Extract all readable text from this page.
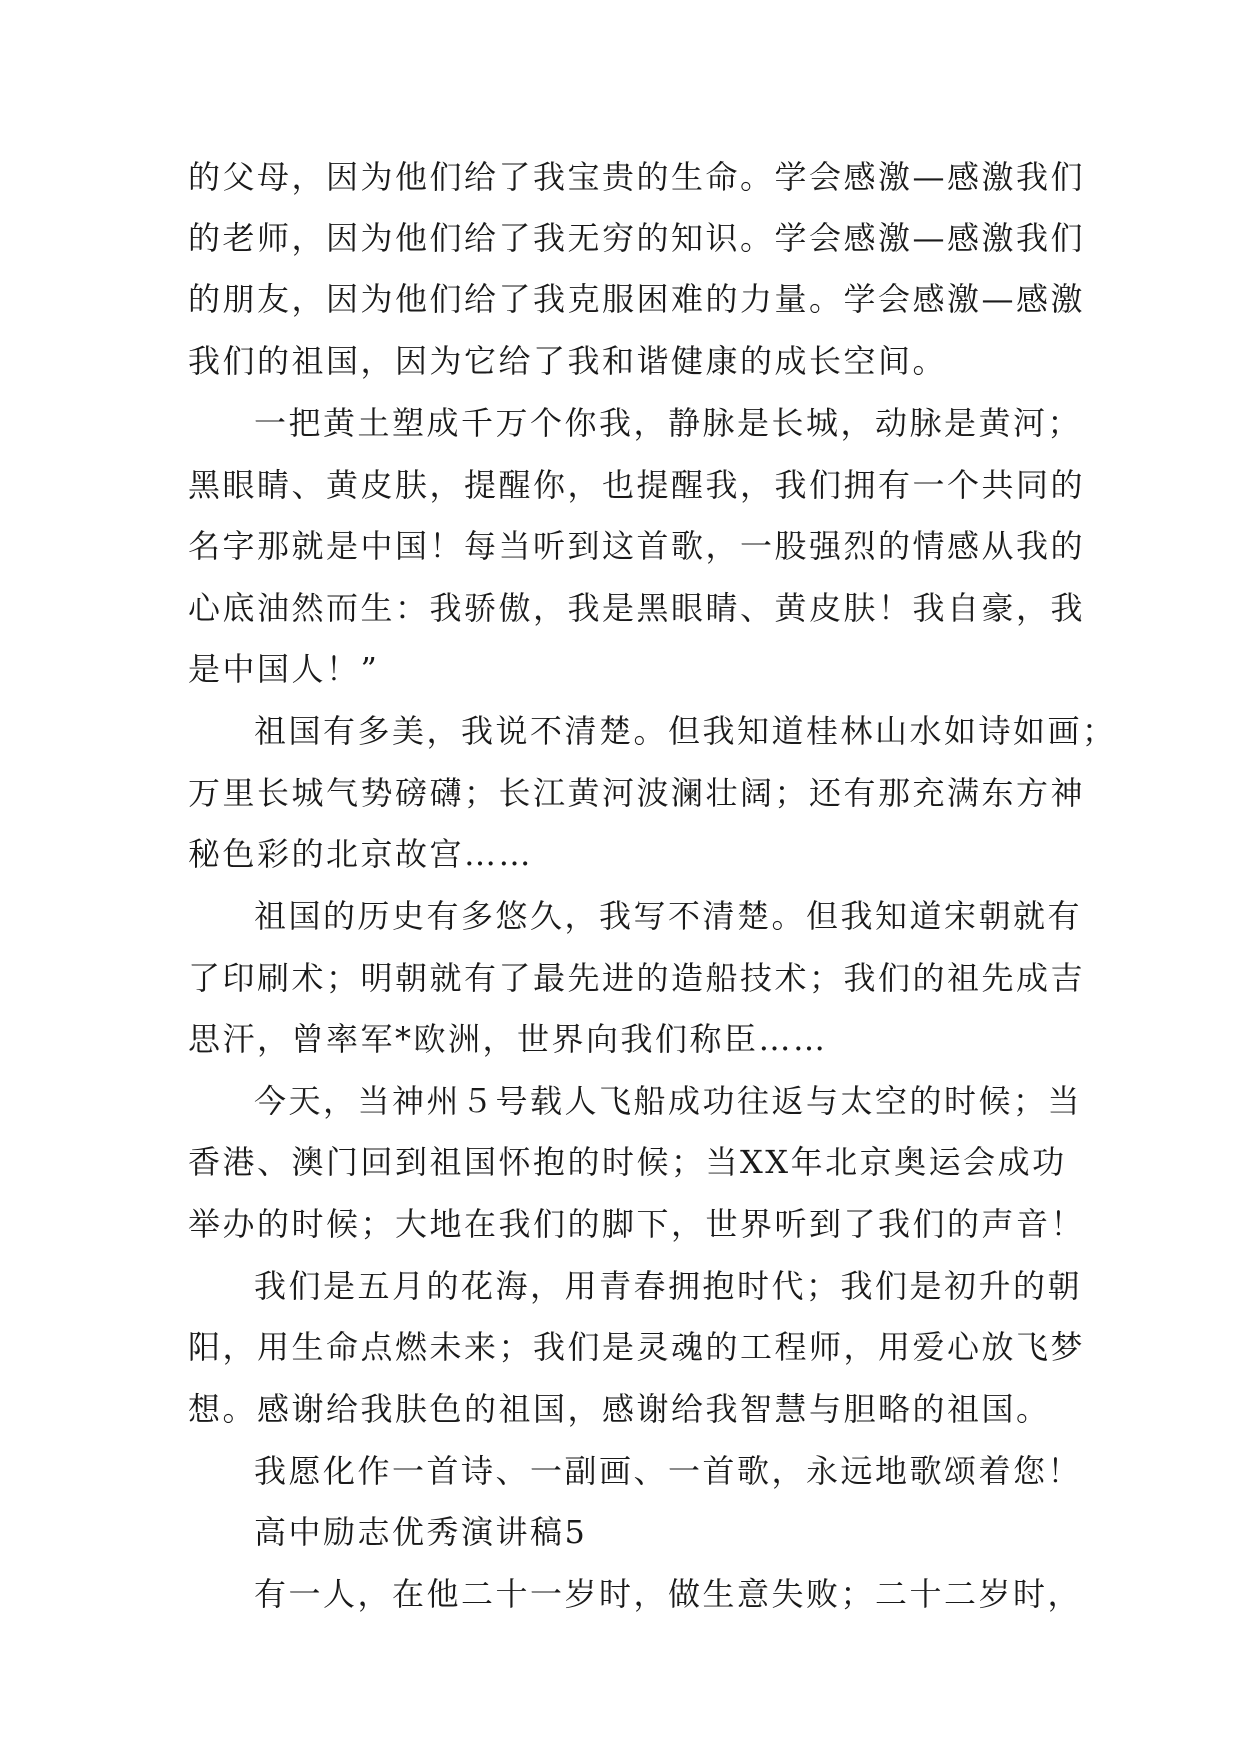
的父母，因为他们给了我宝贵的生命。学会感激—感激我们
的老师，因为他们给了我无穷的知识。学会感激—感激我们
的朋友，因为他们给了我克服困难的力量。学会感激—感激
我们的祖国，因为它给了我和谐健康的成长空间。
一把黄土塑成千万个你我，静脉是长城，动脉是黄河；
黑眼睛、黄皮肤，提醒你，也提醒我，我们拥有一个共同的
名字那就是中国！每当听到这首歌，一股强烈的情感从我的
心底油然而生：我骄傲，我是黑眼睛、黄皮肤！我自豪，我
是中国人！”
祖国有多美，我说不清楚。但我知道桂林山水如诗如画；
万里长城气势磅礴；长江黄河波澜壮阔；还有那充满东方神
秘色彩的北京故宫……
祖国的历史有多悠久，我写不清楚。但我知道宋朝就有
了印刷术；明朝就有了最先进的造船技术；我们的祖先成吉
思汗，曾率军*欧洲，世界向我们称臣……
今天，当神州５号载人飞船成功往返与太空的时候；当
香港、澳门回到祖国怀抱的时候；当XX年北京奥运会成功
举办的时候；大地在我们的脚下，世界听到了我们的声音！
我们是五月的花海，用青春拥抱时代；我们是初升的朝
阳，用生命点燃未来；我们是灵魂的工程师，用爱心放飞梦
想。感谢给我肤色的祖国，感谢给我智慧与胆略的祖国。
我愿化作一首诗、一副画、一首歌，永远地歌颂着您！
高中励志优秀演讲稿5
有一人，在他二十一岁时，做生意失败；二十二岁时，
